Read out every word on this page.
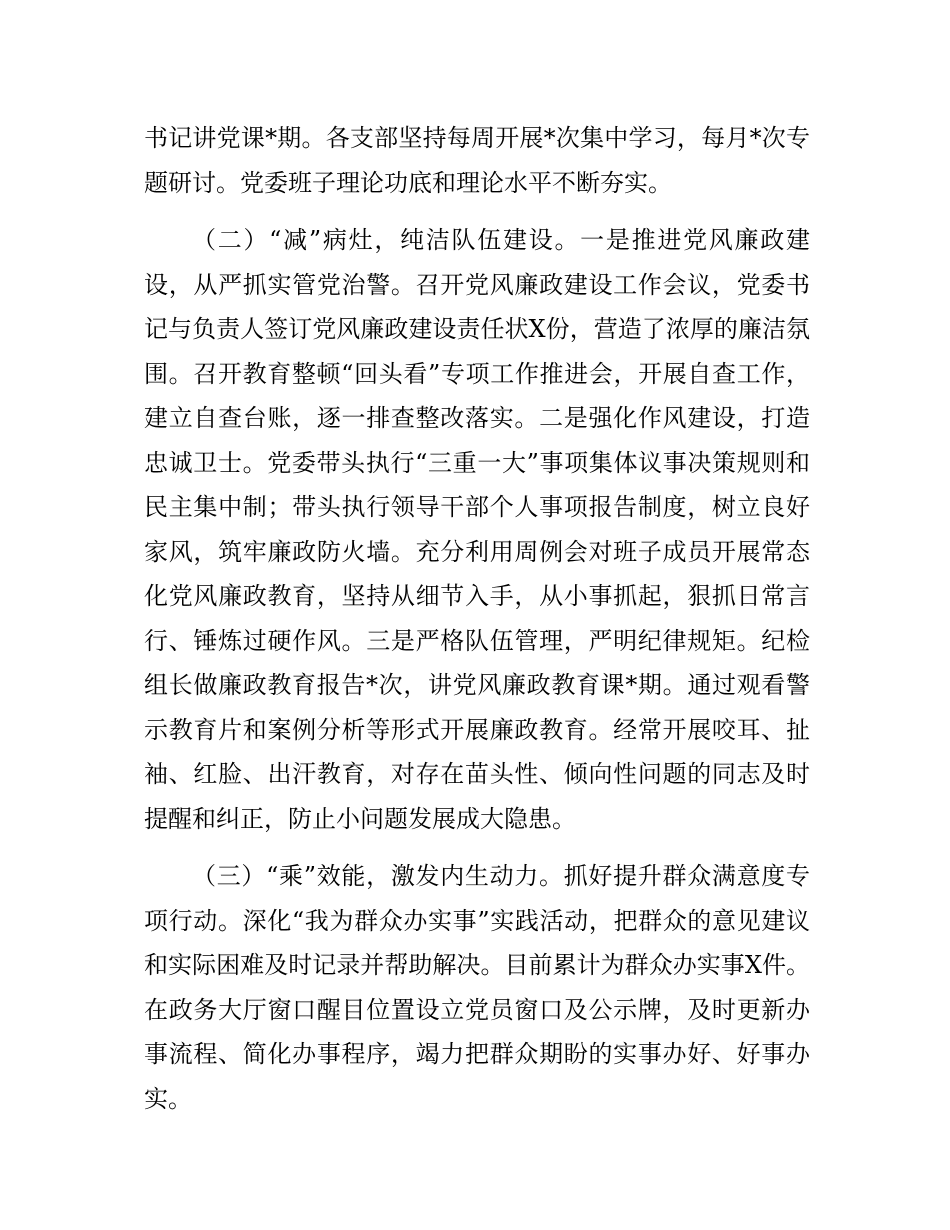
书记讲党课*期。各支部坚持每周开展*次集中学习，每月*次专题研讨。党委班子理论功底和理论水平不断夯实。

（二）“减”病灶，纯洁队伍建设。一是推进党风廉政建设，从严抓实管党治警。召开党风廉政建设工作会议，党委书记与负责人签订党风廉政建设责任状X份，营造了浓厚的廉洁氛围。召开教育整顿“回头看”专项工作推进会，开展自查工作，建立自查台账，逐一排查整改落实。二是强化作风建设，打造忠诚卫士。党委带头执行“三重一大”事项集体议事决策规则和民主集中制；带头执行领导干部个人事项报告制度，树立良好家风，筑牢廉政防火墙。充分利用周例会对班子成员开展常态化党风廉政教育，坚持从细节入手，从小事抓起，狠抓日常言行、锤炼过硬作风。三是严格队伍管理，严明纪律规矩。纪检组长做廉政教育报告*次，讲党风廉政教育课*期。通过观看警示教育片和案例分析等形式开展廉政教育。经常开展咬耳、扯袖、红脸、出汗教育，对存在苗头性、倾向性问题的同志及时提醒和纠正，防止小问题发展成大隐患。

（三）“乘”效能，激发内生动力。抓好提升群众满意度专项行动。深化“我为群众办实事”实践活动，把群众的意见建议和实际困难及时记录并帮助解决。目前累计为群众办实事X件。在政务大厅窗口醒目位置设立党员窗口及公示牌，及时更新办事流程、简化办事程序，竭力把群众期盼的实事办好、好事办实。
